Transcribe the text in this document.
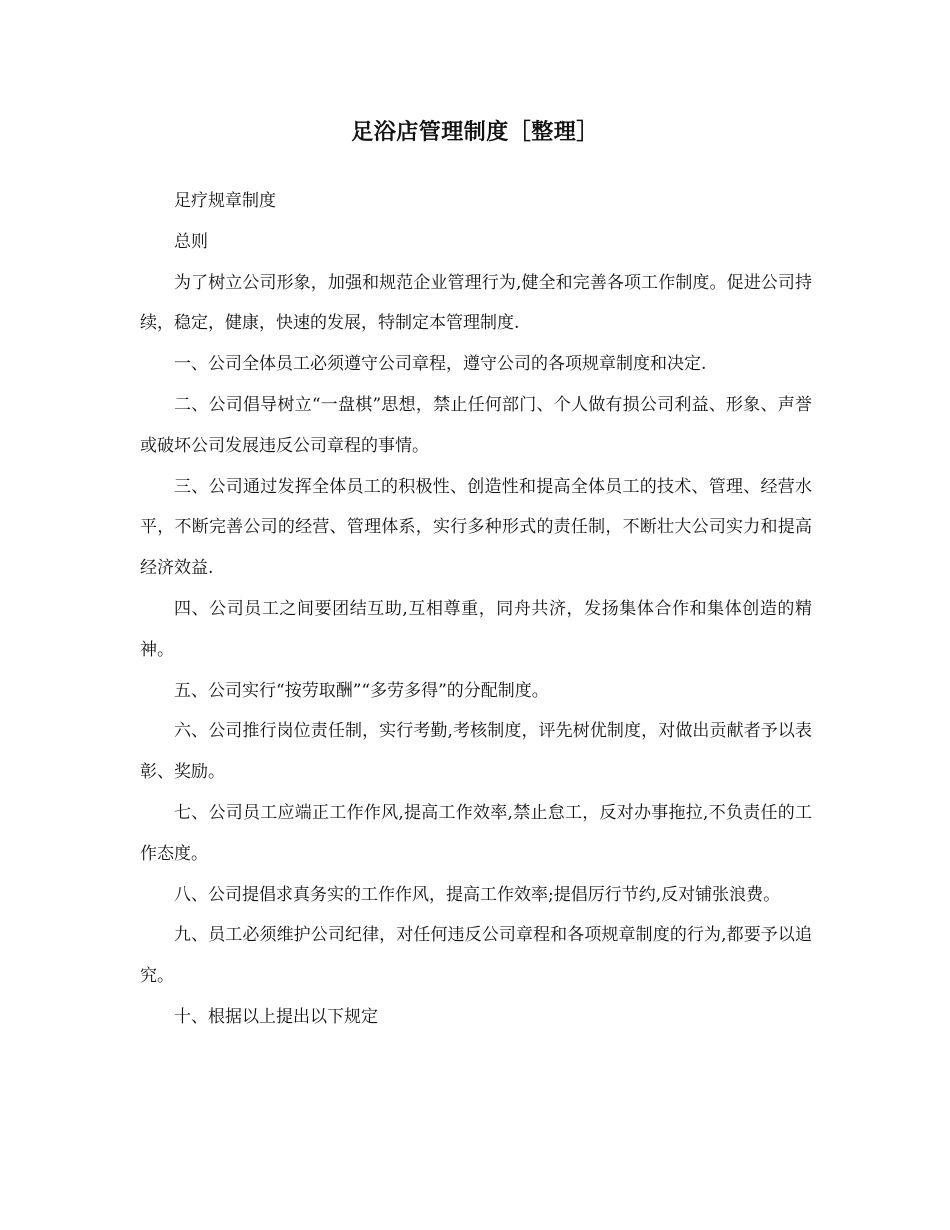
足浴店管理制度［整理］

足疗规章制度

总则

为了树立公司形象，加强和规范企业管理行为,健全和完善各项工作制度。促进公司持续，稳定，健康，快速的发展，特制定本管理制度.

一、公司全体员工必须遵守公司章程，遵守公司的各项规章制度和决定.

二、公司倡导树立“一盘棋”思想，禁止任何部门、个人做有损公司利益、形象、声誉或破坏公司发展违反公司章程的事情。

三、公司通过发挥全体员工的积极性、创造性和提高全体员工的技术、管理、经营水平，不断完善公司的经营、管理体系，实行多种形式的责任制，不断壮大公司实力和提高经济效益.

四、公司员工之间要团结互助,互相尊重，同舟共济，发扬集体合作和集体创造的精神。

五、公司实行“按劳取酬”“多劳多得”的分配制度。

六、公司推行岗位责任制，实行考勤,考核制度，评先树优制度，对做出贡献者予以表彰、奖励。

七、公司员工应端正工作作风,提高工作效率,禁止怠工，反对办事拖拉,不负责任的工作态度。

八、公司提倡求真务实的工作作风，提高工作效率;提倡厉行节约,反对铺张浪费。

九、员工必须维护公司纪律，对任何违反公司章程和各项规章制度的行为,都要予以追究。

十、根据以上提出以下规定
